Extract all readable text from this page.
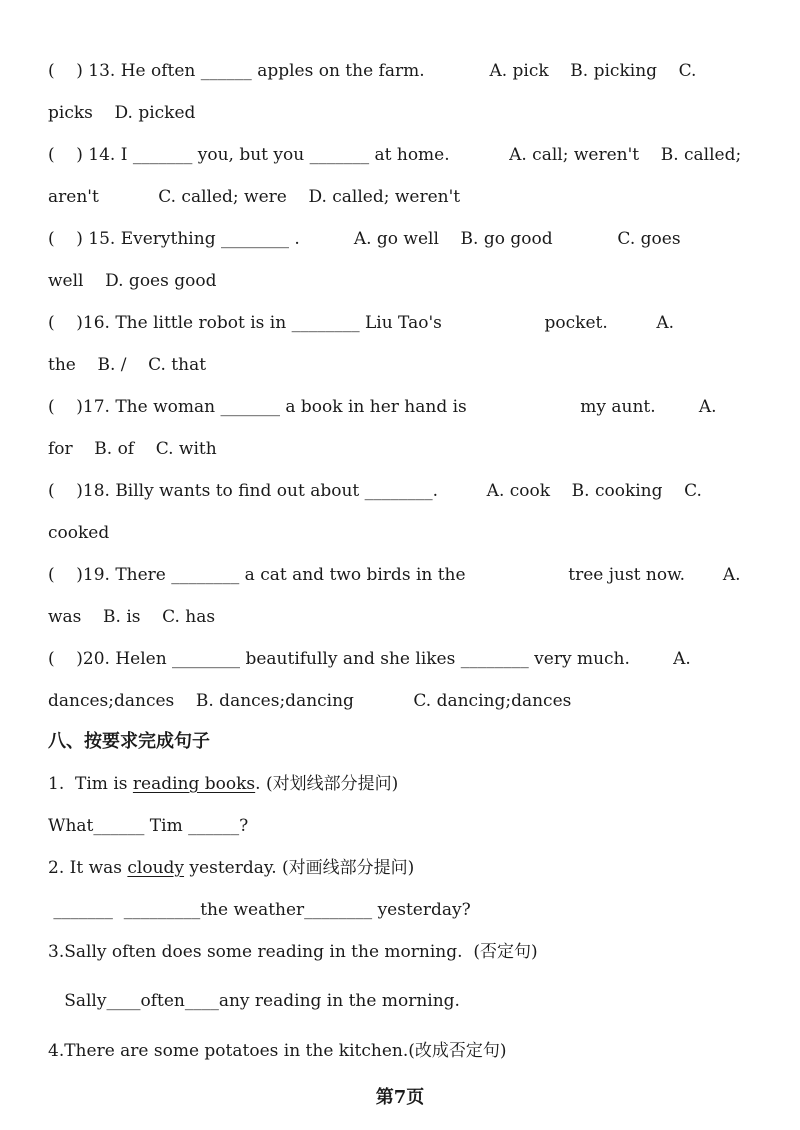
(    ) 13. He often ______ apples on the farm.            A. pick    B. picking    C.
picks    D. picked
(    ) 14. I _______ you, but you _______ at home.           A. call; weren't    B. called;
aren't           C. called; were    D. called; weren't
(    ) 15. Everything ________ .          A. go well    B. go good            C. goes
well    D. goes good
(    )16. The little robot is in ________ Liu Tao's                   pocket.         A.
the    B. /    C. that
(    )17. The woman _______ a book in her hand is                     my aunt.        A.
for    B. of    C. with
(    )18. Billy wants to find out about ________.         A. cook    B. cooking    C.
cooked
(    )19. There ________ a cat and two birds in the                   tree just now.       A.
was    B. is    C. has
(    )20. Helen ________ beautifully and she likes ________ very much.        A.
dances;dances    B. dances;dancing           C. dancing;dances
八、按要求完成句子
1.  Tim is reading books. (对划线部分提问)
What______ Tim ______?
2. It was cloudy yesterday. (对画线部分提问)
_______  _________the weather________ yesterday?
3.Sally often does some reading in the morning.  (否定句)
Sally____often____any reading in the morning.
4.There are some potatoes in the kitchen.(改成否定句)
第7页
